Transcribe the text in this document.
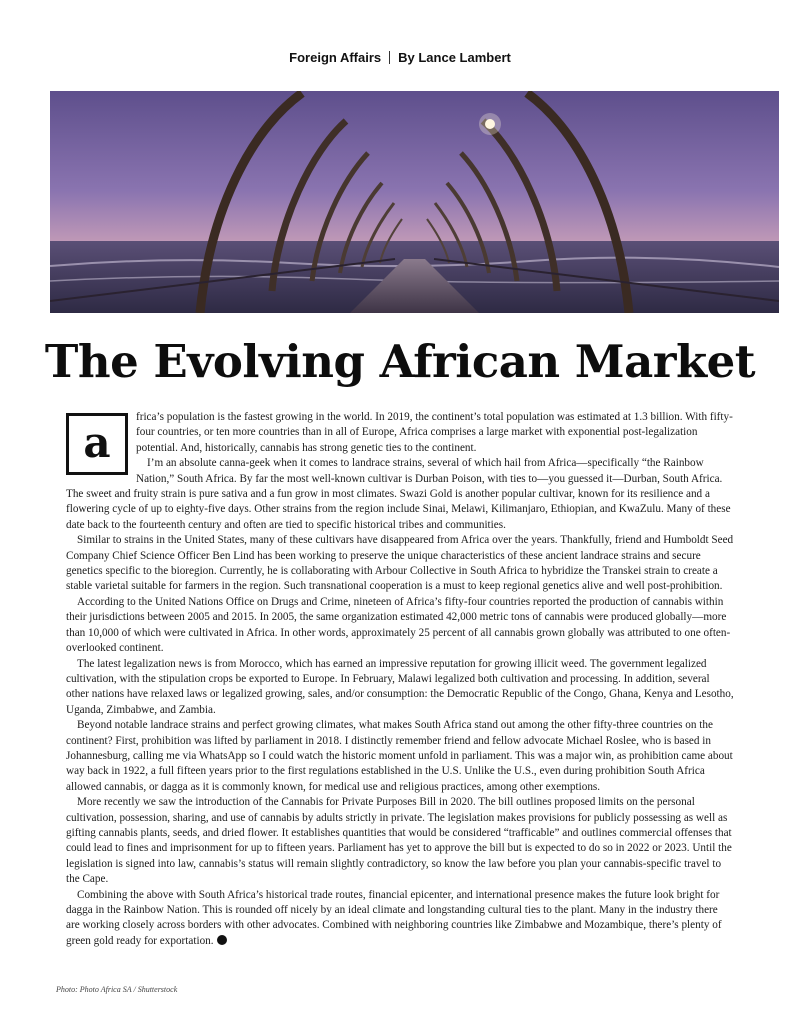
Foreign Affairs By Lance Lambert
The Evolving African Market

a
frica’s population is the fastest growing in the world. In 2019, the continent’s total population was estimated at 1.3 billion. With fifty-four countries, or ten more countries than in all of Europe, Africa comprises a large market with exponential post-legalization potential. And, historically, cannabis has strong genetic ties to the continent.

I’m an absolute canna-geek when it comes to landrace strains, several of which hail from Africa—specifically “the Rainbow Nation,” South Africa. By far the most well-known cultivar is Durban Poison, with ties to—you guessed it—Durban, South Africa. The sweet and fruity strain is pure sativa and a fun grow in most climates. Swazi Gold is another popular cultivar, known for its resilience and a flowering cycle of up to eighty-five days. Other strains from the region include Sinai, Melawi, Kilimanjaro, Ethiopian, and KwaZulu. Many of these date back to the fourteenth century and often are tied to specific historical tribes and communities.

Similar to strains in the United States, many of these cultivars have disappeared from Africa over the years. Thankfully, friend and Humboldt Seed Company Chief Science Officer Ben Lind has been working to preserve the unique characteristics of these ancient landrace strains and secure genetics specific to the bioregion. Currently, he is collaborating with Arbour Collective in South Africa to hybridize the Transkei strain to create a stable varietal suitable for farmers in the region. Such transnational cooperation is a must to keep regional genetics alive and well post-prohibition.

According to the United Nations Office on Drugs and Crime, nineteen of Africa’s fifty-four countries reported the production of cannabis within their jurisdictions between 2005 and 2015. In 2005, the same organization estimated 42,000 metric tons of cannabis were produced globally—more than 10,000 of which were cultivated in Africa. In other words, approximately 25 percent of all cannabis grown globally was attributed to one often-overlooked continent.

The latest legalization news is from Morocco, which has earned an impressive reputation for growing illicit weed. The government legalized cultivation, with the stipulation crops be exported to Europe. In February, Malawi legalized both cultivation and processing. In addition, several other nations have relaxed laws or legalized growing, sales, and/or consumption: the Democratic Republic of the Congo, Ghana, Kenya and Lesotho, Uganda, Zimbabwe, and Zambia.

Beyond notable landrace strains and perfect growing climates, what makes South Africa stand out among the other fifty-three countries on the continent? First, prohibition was lifted by parliament in 2018. I distinctly remember friend and fellow advocate Michael Roslee, who is based in Johannesburg, calling me via WhatsApp so I could watch the historic moment unfold in parliament. This was a major win, as prohibition came about way back in 1922, a full fifteen years prior to the first regulations established in the U.S. Unlike the U.S., even during prohibition South Africa allowed cannabis, or dagga as it is commonly known, for medical use and religious practices, among other exemptions.

More recently we saw the introduction of the Cannabis for Private Purposes Bill in 2020. The bill outlines proposed limits on the personal cultivation, possession, sharing, and use of cannabis by adults strictly in private. The legislation makes provisions for publicly possessing as well as gifting cannabis plants, seeds, and dried flower. It establishes quantities that would be considered “trafficable” and outlines commercial offenses that could lead to fines and imprisonment for up to fifteen years. Parliament has yet to approve the bill but is expected to do so in 2022 or 2023. Until the legislation is signed into law, cannabis’s status will remain slightly contradictory, so know the law before you plan your cannabis-specific travel to the Cape.

Combining the above with South Africa’s historical trade routes, financial epicenter, and international presence makes the future look bright for dagga in the Rainbow Nation. This is rounded off nicely by an ideal climate and longstanding cultural ties to the plant. Many in the industry there are working closely across borders with other advocates. Combined with neighboring countries like Zimbabwe and Mozambique, there’s plenty of green gold ready for exportation.

Photo: Photo Africa SA / Shutterstock
